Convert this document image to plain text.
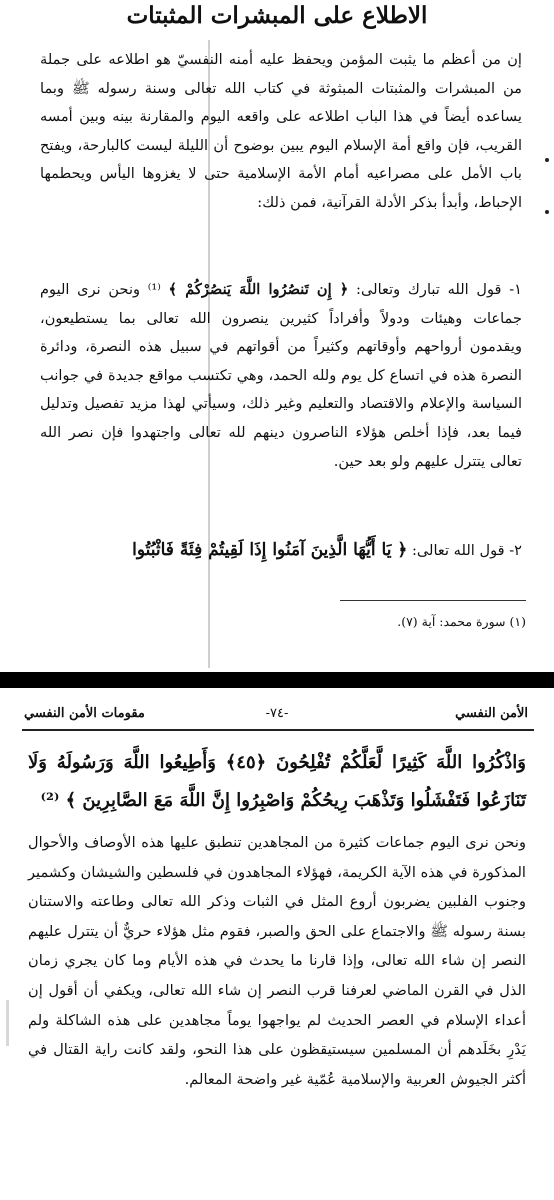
الاطلاع على المبشرات المثبتات

إن من أعظم ما يثبت المؤمن ويحفظ عليه أمنه النفسيّ هو اطلاعه على جملة من المبشرات والمثبتات المبثوثة في كتاب الله تعالى وسنة رسوله ﷺ وبما يساعده أيضاً في هذا الباب اطلاعه على واقعه اليوم والمقارنة بينه وبين أمسه القريب، فإن واقع أمة الإسلام اليوم يبين بوضوح أن الليلة ليست كالبارحة، ويفتح باب الأمل على مصراعيه أمام الأمة الإسلامية حتى لا يغزوها اليأس ويحطمها الإحباط، وأبدأ بذكر الأدلة القرآنية، فمن ذلك:

١- قول الله تبارك وتعالى: ﴿ إِن تَنصُرُوا اللَّهَ يَنصُرْكُمْ ﴾ ⁽¹⁾ ونحن نرى اليوم جماعات وهيئات ودولاً وأفراداً كثيرين ينصرون الله تعالى بما يستطيعون، ويقدمون أرواحهم وأوقاتهم وكثيراً من أقواتهم في سبيل هذه النصرة، ودائرة النصرة هذه في اتساع كل يوم ولله الحمد، وهي تكتسب مواقع جديدة في جوانب السياسة والإعلام والاقتصاد والتعليم وغير ذلك، وسيأتي لهذا مزيد تفصيل وتدليل فيما بعد، فإذا أخلص هؤلاء الناصرون دينهم لله تعالى واجتهدوا فإن نصر الله تعالى يتترل عليهم ولو بعد حين.

٢- قول الله تعالى: ﴿ يَا أَيُّهَا الَّذِينَ آمَنُوا إِذَا لَقِيتُمْ فِئَةً فَاثْبُتُوا

(١) سورة محمد: آية (٧).
الأمن النفسي
-٧٤-
مقومات الأمن النفسي
وَاذْكُرُوا اللَّهَ كَثِيرًا لَّعَلَّكُمْ تُفْلِحُونَ ﴿٤٥﴾ وَأَطِيعُوا اللَّهَ وَرَسُولَهُ وَلَا تَنَازَعُوا فَتَفْشَلُوا وَتَذْهَبَ رِيحُكُمْ وَاصْبِرُوا إِنَّ اللَّهَ مَعَ الصَّابِرِينَ ﴾ ⁽²⁾

ونحن نرى اليوم جماعات كثيرة من المجاهدين تنطبق عليها هذه الأوصاف والأحوال المذكورة في هذه الآية الكريمة، فهؤلاء المجاهدون في فلسطين والشيشان وكشمير وجنوب الفلبين يضربون أروع المثل في الثبات وذكر الله تعالى وطاعته والاستنان بسنة رسوله ﷺ والاجتماع على الحق والصبر، فقوم مثل هؤلاء حريٌّ أن يتترل عليهم النصر إن شاء الله تعالى، وإذا قارنا ما يحدث في هذه الأيام وما كان يجري زمان الذل في القرن الماضي لعرفنا قرب النصر إن شاء الله تعالى، ويكفي أن أقول إن أعداء الإسلام في العصر الحديث لم يواجهوا يوماً مجاهدين على هذه الشاكلة ولم يَدْرِ بخَلَدهم أن المسلمين سيستيقظون على هذا النحو، ولقد كانت راية القتال في أكثر الجيوش العربية والإسلامية عُمّية غير واضحة المعالم.
